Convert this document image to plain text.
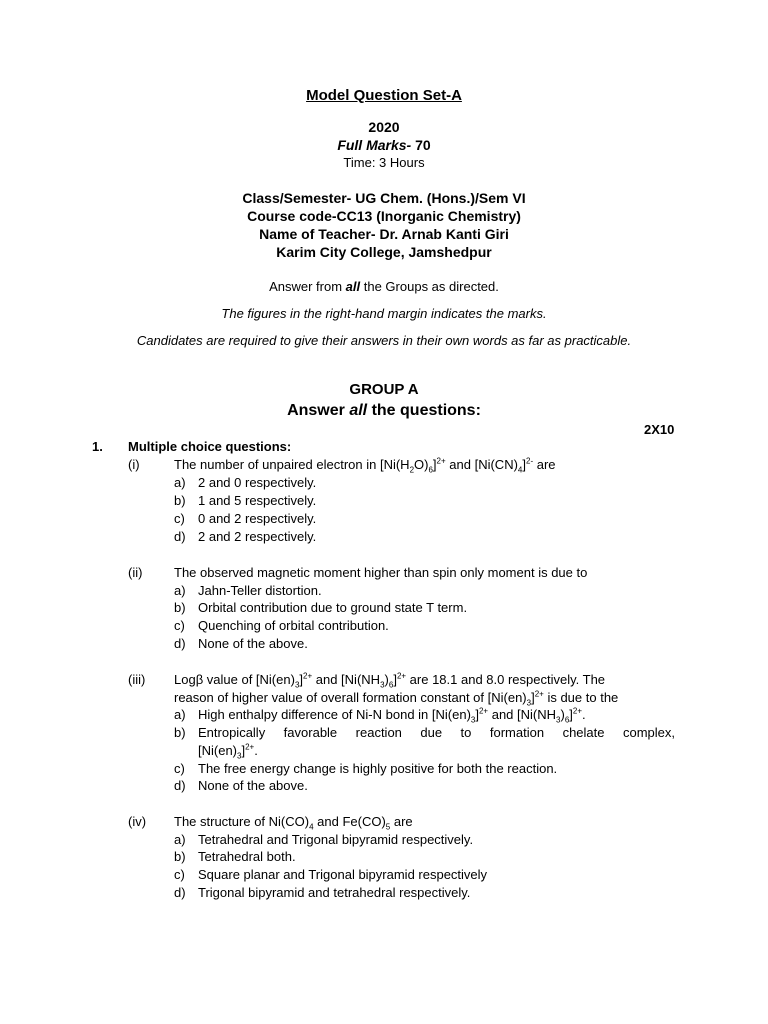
Model Question Set-A
2020
Full Marks- 70
Time: 3 Hours
Class/Semester- UG Chem. (Hons.)/Sem VI
Course code-CC13 (Inorganic Chemistry)
Name of Teacher- Dr. Arnab Kanti Giri
Karim City College, Jamshedpur
Answer from all the Groups as directed.
The figures in the right-hand margin indicates the marks.
Candidates are required to give their answers in their own words as far as practicable.
GROUP A
Answer all the questions:
2X10
1. Multiple choice questions:
(i)	The number of unpaired electron in $[Ni(H_2O)_6]^{2+}$ and $[Ni(CN)_4]^{2-}$ are
a) 2 and 0 respectively.
b) 1 and 5 respectively.
c) 0 and 2 respectively.
d) 2 and 2 respectively.
(ii) The observed magnetic moment higher than spin only moment is due to
a) Jahn-Teller distortion.
b) Orbital contribution due to ground state T term.
c) Quenching of orbital contribution.
d) None of the above.
(iii) Logβ value of $[Ni(en)_3]^{2+}$ and $[Ni(NH_3)_6]^{2+}$ are 18.1 and 8.0 respectively. The
reason of higher value of overall formation constant of $[Ni(en)_3]^{2+}$ is due to the
a) High enthalpy difference of Ni-N bond in $[Ni(en)_3]^{2+}$ and $[Ni(NH_3)_6]^{2+}$.
b) Entropically favorable reaction due to formation chelate complex,
$[Ni(en)_3]^{2+}$.
c) The free energy change is highly positive for both the reaction.
d) None of the above.
(iv) The structure of $Ni(CO)_4$ and $Fe(CO)_5$ are
a) Tetrahedral and Trigonal bipyramid respectively.
b) Tetrahedral both.
c) Square planar and Trigonal bipyramid respectively
d) Trigonal bipyramid and tetrahedral respectively.
